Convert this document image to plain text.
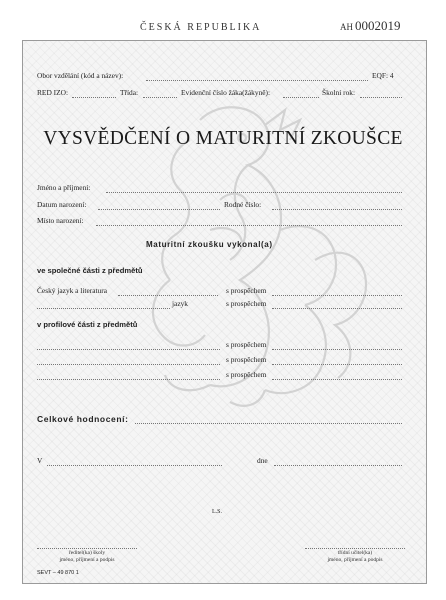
ČESKÁ REPUBLIKA	AH 0002019
Obor vzdělání (kód a název):	EQF: 4
RED IZO:	Třída:	Evidenční číslo žáka(žákyně):	Školní rok:
VYSVĚDČENÍ O MATURITNÍ ZKOUŠCE
Jméno a příjmení:
Datum narození:	Rodné číslo:
Místo narození:
Maturitní zkoušku vykonal(a)
ve společné části z předmětů
Český jazyk a literatura	s prospěchem
jazyk	s prospěchem
v profilové části z předmětů
s prospěchem
s prospěchem
s prospěchem
Celkové hodnocení:
V	dne
L.S.
ředitel(ka) školy
jméno, příjmení a podpis
třídní učitel(ka)
jméno, příjmení a podpis
SEVT – 49 870 1
